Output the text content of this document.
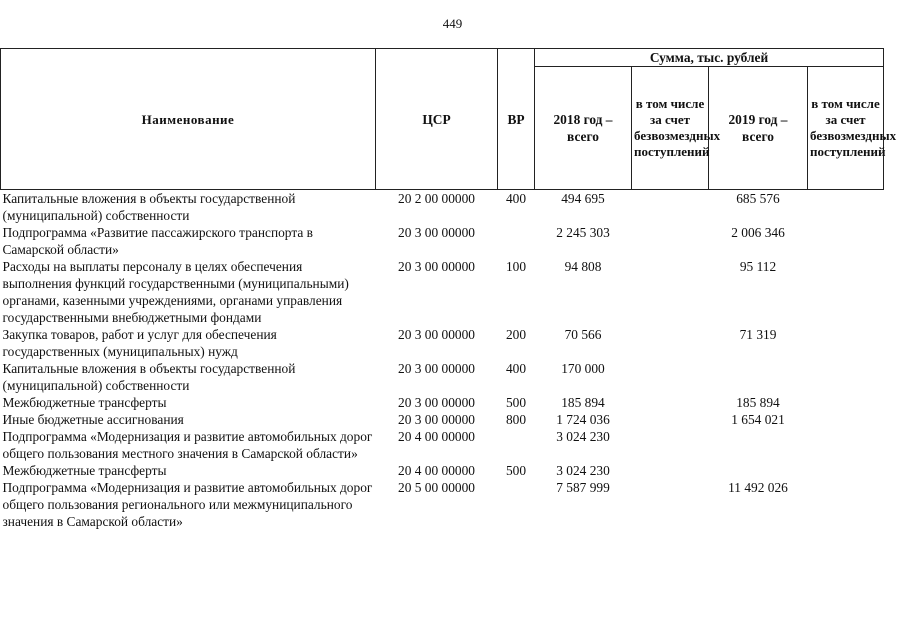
449
Наименование	ЦСР	ВР	Сумма, тыс. рублей			
			2018 год – всего	в том числе за счет безвозмездных поступлений	2019 год – всего	в том числе за счет безвозмездных поступлений
Капитальные вложения в объекты государственной (муниципальной) собственности	20 2 00 00000	400	494 695		685 576	
Подпрограмма «Развитие пассажирского транспорта в Самарской области»	20 3 00 00000		2 245 303		2 006 346	
Расходы на выплаты персоналу в целях обеспечения выполнения функций государственными (муниципальными) органами, казенными учреждениями, органами управления государственными внебюджетными фондами	20 3 00 00000	100	94 808		95 112	
Закупка товаров, работ и услуг для обеспечения государственных (муниципальных) нужд	20 3 00 00000	200	70 566		71 319	
Капитальные вложения в объекты государственной (муниципальной) собственности	20 3 00 00000	400	170 000			
Межбюджетные трансферты	20 3 00 00000	500	185 894		185 894	
Иные бюджетные ассигнования	20 3 00 00000	800	1 724 036		1 654 021	
Подпрограмма «Модернизация и развитие автомобильных дорог общего пользования местного значения в Самарской области»	20 4 00 00000		3 024 230			
Межбюджетные трансферты	20 4 00 00000	500	3 024 230			
Подпрограмма «Модернизация и развитие автомобильных дорог общего пользования регионального или межмуниципального значения в Самарской области»	20 5 00 00000		7 587 999		11 492 026	
